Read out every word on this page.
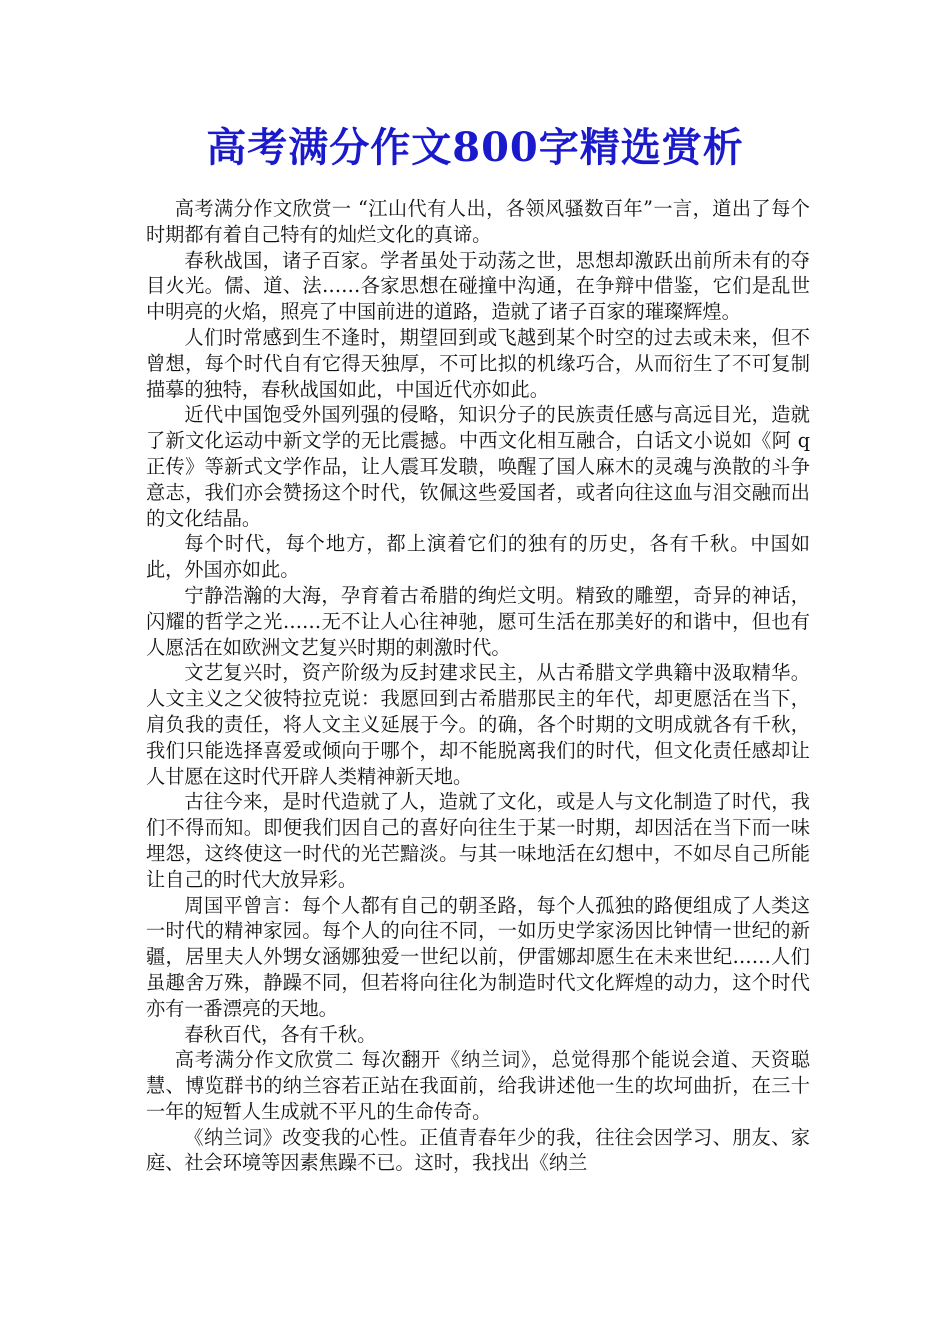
高考满分作文800字精选赏析

高考满分作文欣赏一 “江山代有人出，各领风骚数百年”一言，道出了每个时期都有着自己特有的灿烂文化的真谛。

春秋战国，诸子百家。学者虽处于动荡之世，思想却激跃出前所未有的夺目火光。儒、道、法……各家思想在碰撞中沟通，在争辩中借鉴，它们是乱世中明亮的火焰，照亮了中国前进的道路，造就了诸子百家的璀璨辉煌。

人们时常感到生不逢时，期望回到或飞越到某个时空的过去或未来，但不曾想，每个时代自有它得天独厚，不可比拟的机缘巧合，从而衍生了不可复制描摹的独特，春秋战国如此，中国近代亦如此。

近代中国饱受外国列强的侵略，知识分子的民族责任感与高远目光，造就了新文化运动中新文学的无比震撼。中西文化相互融合，白话文小说如《阿 q 正传》等新式文学作品，让人震耳发聩，唤醒了国人麻木的灵魂与涣散的斗争意志，我们亦会赞扬这个时代，钦佩这些爱国者，或者向往这血与泪交融而出的文化结晶。

每个时代，每个地方，都上演着它们的独有的历史，各有千秋。中国如此，外国亦如此。

宁静浩瀚的大海，孕育着古希腊的绚烂文明。精致的雕塑，奇异的神话，闪耀的哲学之光……无不让人心往神驰，愿可生活在那美好的和谐中，但也有人愿活在如欧洲文艺复兴时期的刺激时代。

文艺复兴时，资产阶级为反封建求民主，从古希腊文学典籍中汲取精华。人文主义之父彼特拉克说：我愿回到古希腊那民主的年代，却更愿活在当下，肩负我的责任，将人文主义延展于今。的确，各个时期的文明成就各有千秋，我们只能选择喜爱或倾向于哪个，却不能脱离我们的时代，但文化责任感却让人甘愿在这时代开辟人类精神新天地。

古往今来，是时代造就了人，造就了文化，或是人与文化制造了时代，我们不得而知。即便我们因自己的喜好向往生于某一时期，却因活在当下而一味埋怨，这终使这一时代的光芒黯淡。与其一味地活在幻想中，不如尽自己所能让自己的时代大放异彩。

周国平曾言：每个人都有自己的朝圣路，每个人孤独的路便组成了人类这一时代的精神家园。每个人的向往不同，一如历史学家汤因比钟情一世纪的新疆，居里夫人外甥女涵娜独爱一世纪以前，伊雷娜却愿生在未来世纪……人们虽趣舍万殊，静躁不同，但若将向往化为制造时代文化辉煌的动力，这个时代亦有一番漂亮的天地。

春秋百代，各有千秋。

高考满分作文欣赏二 每次翻开《纳兰词》，总觉得那个能说会道、天资聪慧、博览群书的纳兰容若正站在我面前，给我讲述他一生的坎坷曲折，在三十一年的短暂人生成就不平凡的生命传奇。

《纳兰词》改变我的心性。正值青春年少的我，往往会因学习、朋友、家庭、社会环境等因素焦躁不已。这时，我找出《纳兰
